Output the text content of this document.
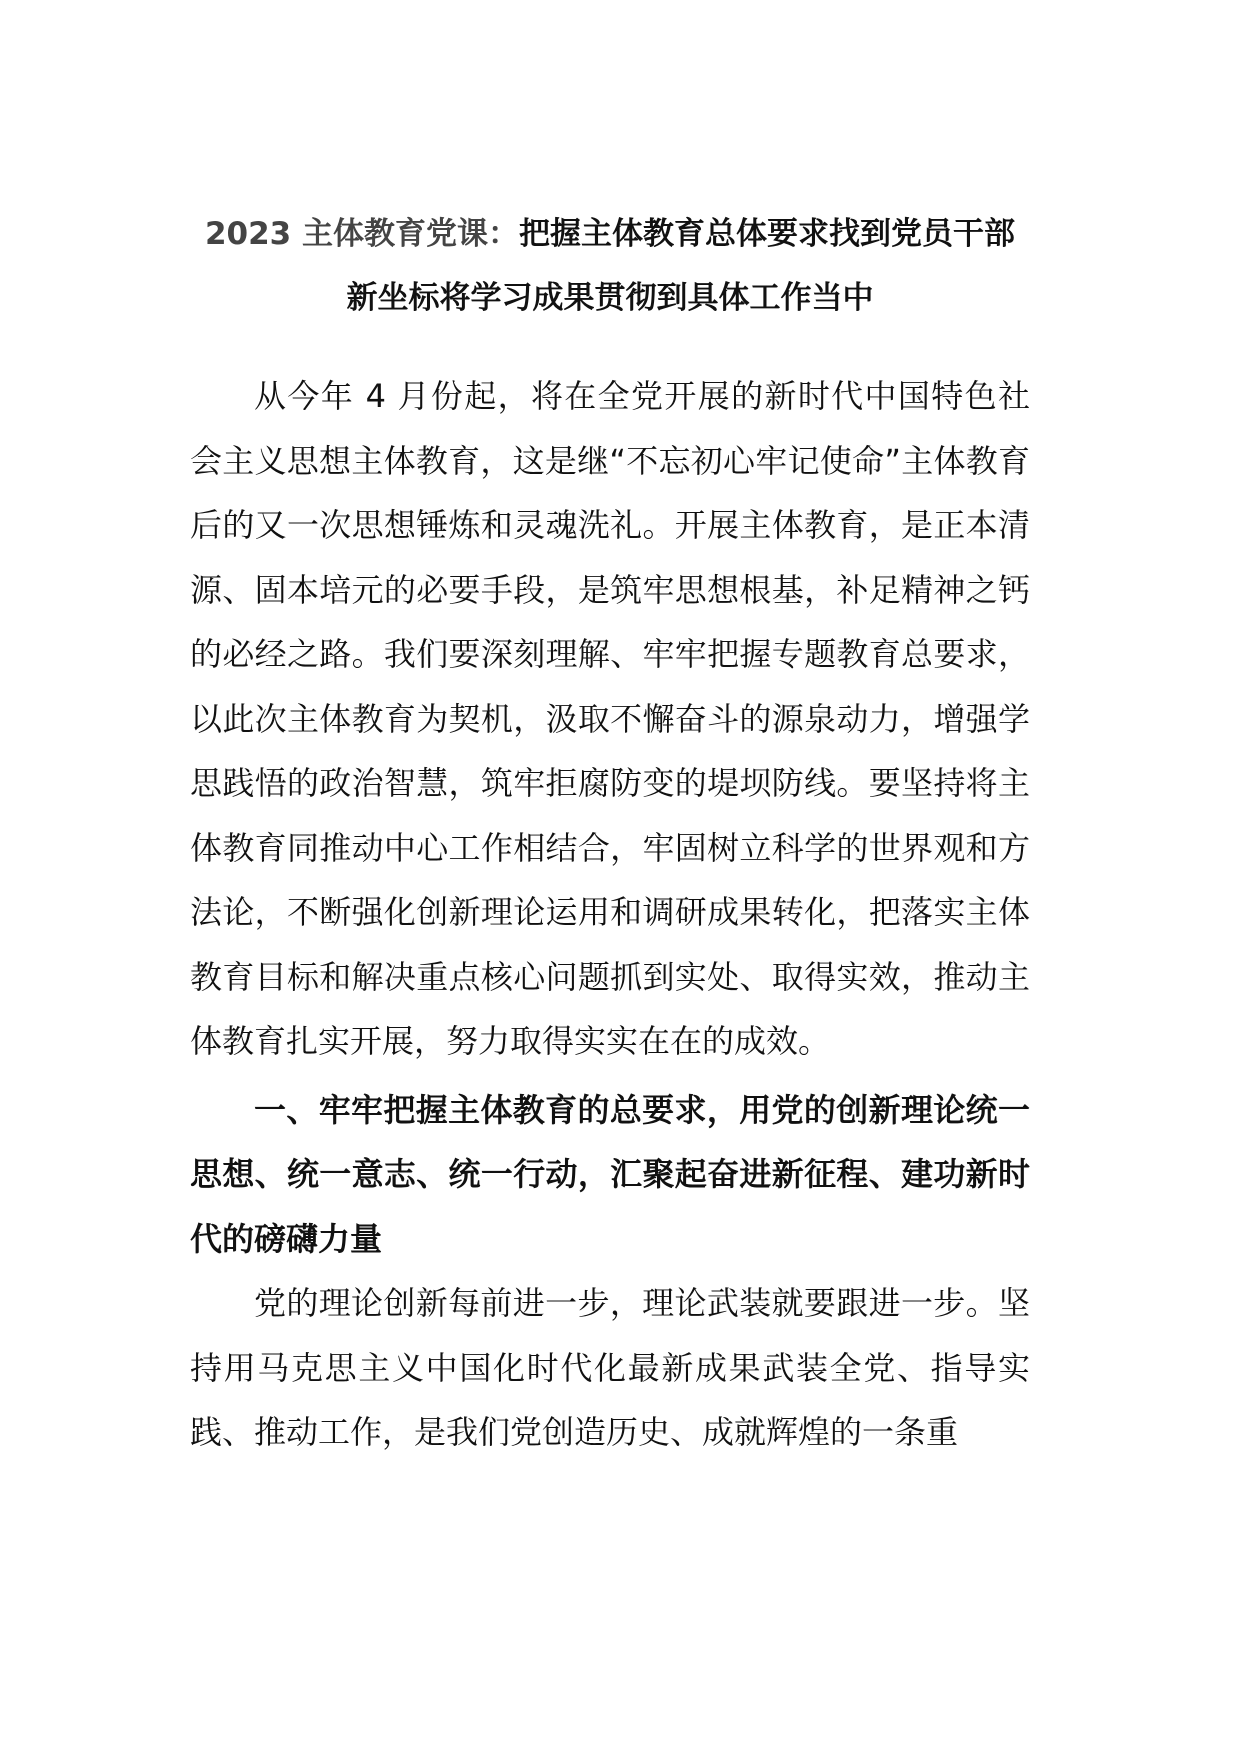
2023 主体教育党课：把握主体教育总体要求找到党员干部新坐标将学习成果贯彻到具体工作当中

从今年 4 月份起，将在全党开展的新时代中国特色社会主义思想主体教育，这是继“不忘初心牢记使命”主体教育后的又一次思想锤炼和灵魂洗礼。开展主体教育，是正本清源、固本培元的必要手段，是筑牢思想根基，补足精神之钙的必经之路。我们要深刻理解、牢牢把握专题教育总要求，以此次主体教育为契机，汲取不懈奋斗的源泉动力，增强学思践悟的政治智慧，筑牢拒腐防变的堤坝防线。要坚持将主体教育同推动中心工作相结合，牢固树立科学的世界观和方法论，不断强化创新理论运用和调研成果转化，把落实主体教育目标和解决重点核心问题抓到实处、取得实效，推动主体教育扎实开展，努力取得实实在在的成效。

一、牢牢把握主体教育的总要求，用党的创新理论统一思想、统一意志、统一行动，汇聚起奋进新征程、建功新时代的磅礴力量

党的理论创新每前进一步，理论武装就要跟进一步。坚持用马克思主义中国化时代化最新成果武装全党、指导实践、推动工作，是我们党创造历史、成就辉煌的一条重
